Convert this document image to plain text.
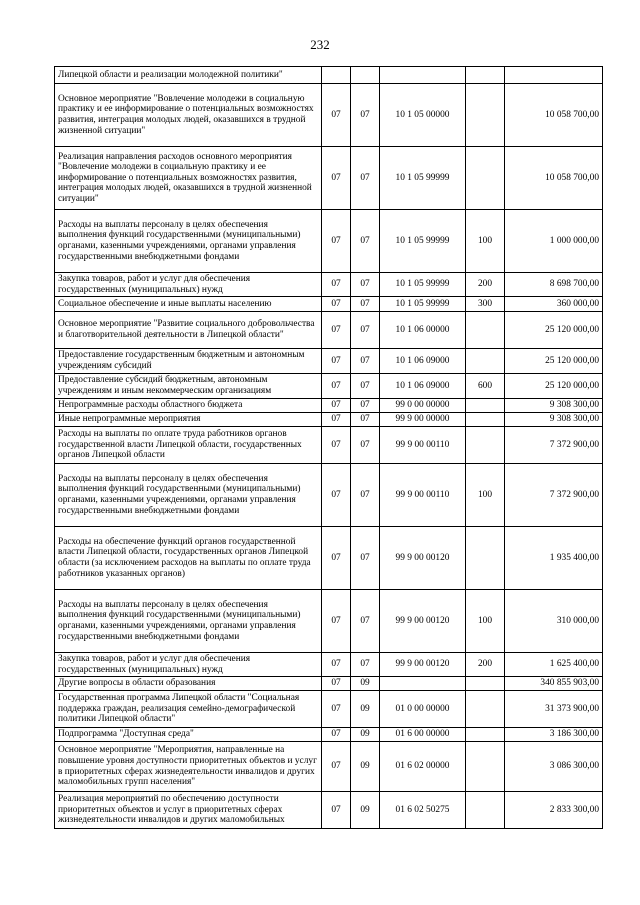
232
Липецкой области и реализации молодежной политики"					
Основное мероприятие "Вовлечение молодежи в социальную практику и ее информирование о потенциальных возможностях развития, интеграция молодых людей, оказавшихся в трудной жизненной ситуации"	07	07	10 1 05 00000		10 058 700,00
Реализация направления расходов основного мероприятия "Вовлечение молодежи в социальную практику и ее информирование о потенциальных возможностях развития, интеграция молодых людей, оказавшихся в трудной жизненной ситуации"	07	07	10 1 05 99999		10 058 700,00
Расходы на выплаты персоналу в целях обеспечения выполнения функций государственными (муниципальными) органами, казенными учреждениями, органами управления государственными внебюджетными фондами	07	07	10 1 05 99999	100	1 000 000,00
Закупка товаров, работ и услуг для обеспечения государственных (муниципальных) нужд	07	07	10 1 05 99999	200	8 698 700,00
Социальное обеспечение и иные выплаты населению	07	07	10 1 05 99999	300	360 000,00
Основное мероприятие "Развитие социального добровольчества и благотворительной деятельности в Липецкой области"	07	07	10 1 06 00000		25 120 000,00
Предоставление государственным бюджетным и автономным учреждениям субсидий	07	07	10 1 06 09000		25 120 000,00
Предоставление субсидий бюджетным, автономным учреждениям и иным некоммерческим организациям	07	07	10 1 06 09000	600	25 120 000,00
Непрограммные расходы областного бюджета	07	07	99 0 00 00000		9 308 300,00
Иные непрограммные мероприятия	07	07	99 9 00 00000		9 308 300,00
Расходы на выплаты по оплате труда работников органов государственной власти Липецкой области, государственных органов Липецкой области	07	07	99 9 00 00110		7 372 900,00
Расходы на выплаты персоналу в целях обеспечения выполнения функций государственными (муниципальными) органами, казенными учреждениями, органами управления государственными внебюджетными фондами	07	07	99 9 00 00110	100	7 372 900,00
Расходы на обеспечение функций органов государственной власти Липецкой области, государственных органов Липецкой области (за исключением расходов на выплаты по оплате труда работников указанных органов)	07	07	99 9 00 00120		1 935 400,00
Расходы на выплаты персоналу в целях обеспечения выполнения функций государственными (муниципальными) органами, казенными учреждениями, органами управления государственными внебюджетными фондами	07	07	99 9 00 00120	100	310 000,00
Закупка товаров, работ и услуг для обеспечения государственных (муниципальных) нужд	07	07	99 9 00 00120	200	1 625 400,00
Другие вопросы в области образования	07	09			340 855 903,00
Государственная программа Липецкой области "Социальная поддержка граждан, реализация семейно-демографической политики Липецкой области"	07	09	01 0 00 00000		31 373 900,00
Подпрограмма "Доступная среда"	07	09	01 6 00 00000		3 186 300,00
Основное мероприятие "Мероприятия, направленные на повышение уровня доступности приоритетных объектов и услуг в приоритетных сферах жизнедеятельности инвалидов и других маломобильных групп населения"	07	09	01 6 02 00000		3 086 300,00
Реализация мероприятий по обеспечению доступности приоритетных объектов и услуг в приоритетных сферах жизнедеятельности инвалидов и других маломобильных	07	09	01 6 02 50275		2 833 300,00
